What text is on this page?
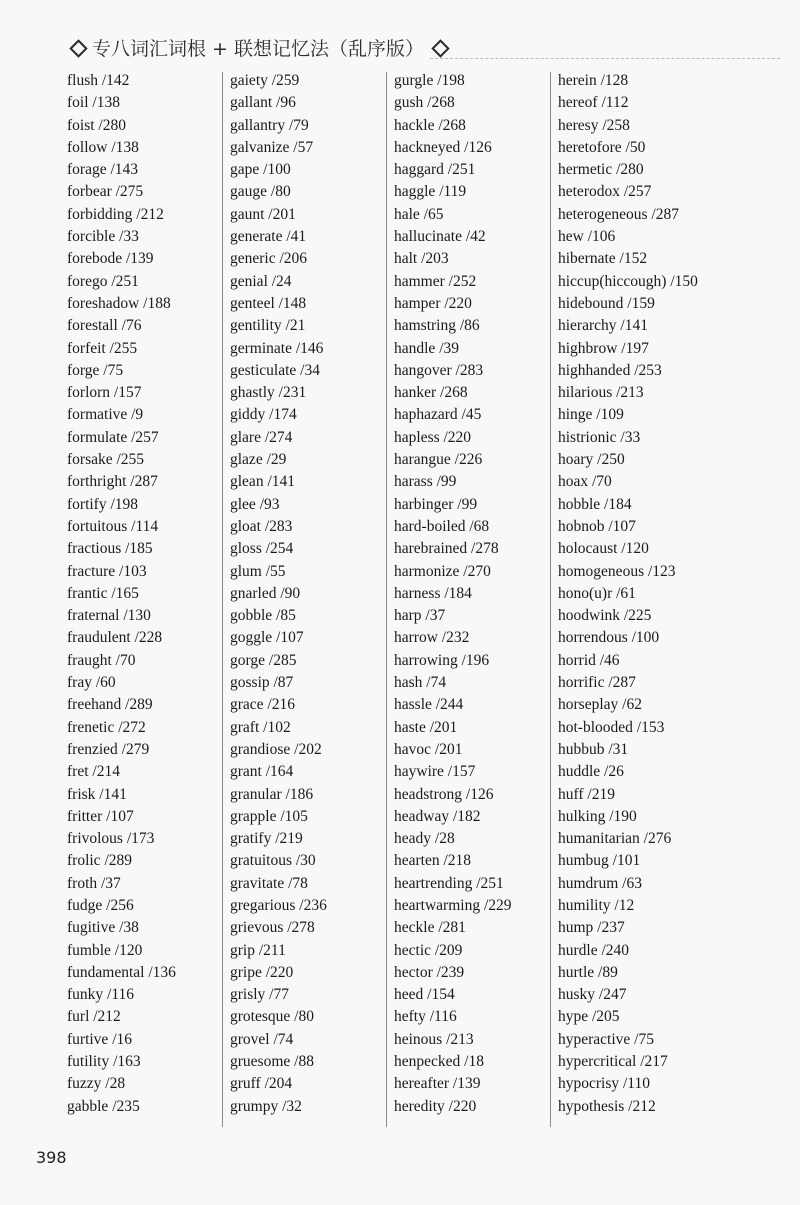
专八词汇词根 + 联想记忆法（乱序版）
flush /142
foil /138
foist /280
follow /138
forage /143
forbear /275
forbidding /212
forcible /33
forebode /139
forego /251
foreshadow /188
forestall /76
forfeit /255
forge /75
forlorn /157
formative /9
formulate /257
forsake /255
forthright /287
fortify /198
fortuitous /114
fractious /185
fracture /103
frantic /165
fraternal /130
fraudulent /228
fraught /70
fray /60
freehand /289
frenetic /272
frenzied /279
fret /214
frisk /141
fritter /107
frivolous /173
frolic /289
froth /37
fudge /256
fugitive /38
fumble /120
fundamental /136
funky /116
furl /212
furtive /16
futility /163
fuzzy /28
gabble /235
gaiety /259
gallant /96
gallantry /79
galvanize /57
gape /100
gauge /80
gaunt /201
generate /41
generic /206
genial /24
genteel /148
gentility /21
germinate /146
gesticulate /34
ghastly /231
giddy /174
glare /274
glaze /29
glean /141
glee /93
gloat /283
gloss /254
glum /55
gnarled /90
gobble /85
goggle /107
gorge /285
gossip /87
grace /216
graft /102
grandiose /202
grant /164
granular /186
grapple /105
gratify /219
gratuitous /30
gravitate /78
gregarious /236
grievous /278
grip /211
gripe /220
grisly /77
grotesque /80
grovel /74
gruesome /88
gruff /204
grumpy /32
gurgle /198
gush /268
hackle /268
hackneyed /126
haggard /251
haggle /119
hale /65
hallucinate /42
halt /203
hammer /252
hamper /220
hamstring /86
handle /39
hangover /283
hanker /268
haphazard /45
hapless /220
harangue /226
harass /99
harbinger /99
hard-boiled /68
harebrained /278
harmonize /270
harness /184
harp /37
harrow /232
harrowing /196
hash /74
hassle /244
haste /201
havoc /201
haywire /157
headstrong /126
headway /182
heady /28
hearten /218
heartrending /251
heartwarming /229
heckle /281
hectic /209
hector /239
heed /154
hefty /116
heinous /213
henpecked /18
hereafter /139
heredity /220
herein /128
hereof /112
heresy /258
heretofore /50
hermetic /280
heterodox /257
heterogeneous /287
hew /106
hibernate /152
hiccup(hiccough) /150
hidebound /159
hierarchy /141
highbrow /197
highhanded /253
hilarious /213
hinge /109
histrionic /33
hoary /250
hoax /70
hobble /184
hobnob /107
holocaust /120
homogeneous /123
hono(u)r /61
hoodwink /225
horrendous /100
horrid /46
horrific /287
horseplay /62
hot-blooded /153
hubbub /31
huddle /26
huff /219
hulking /190
humanitarian /276
humbug /101
humdrum /63
humility /12
hump /237
hurdle /240
hurtle /89
husky /247
hype /205
hyperactive /75
hypercritical /217
hypocrisy /110
hypothesis /212
398
